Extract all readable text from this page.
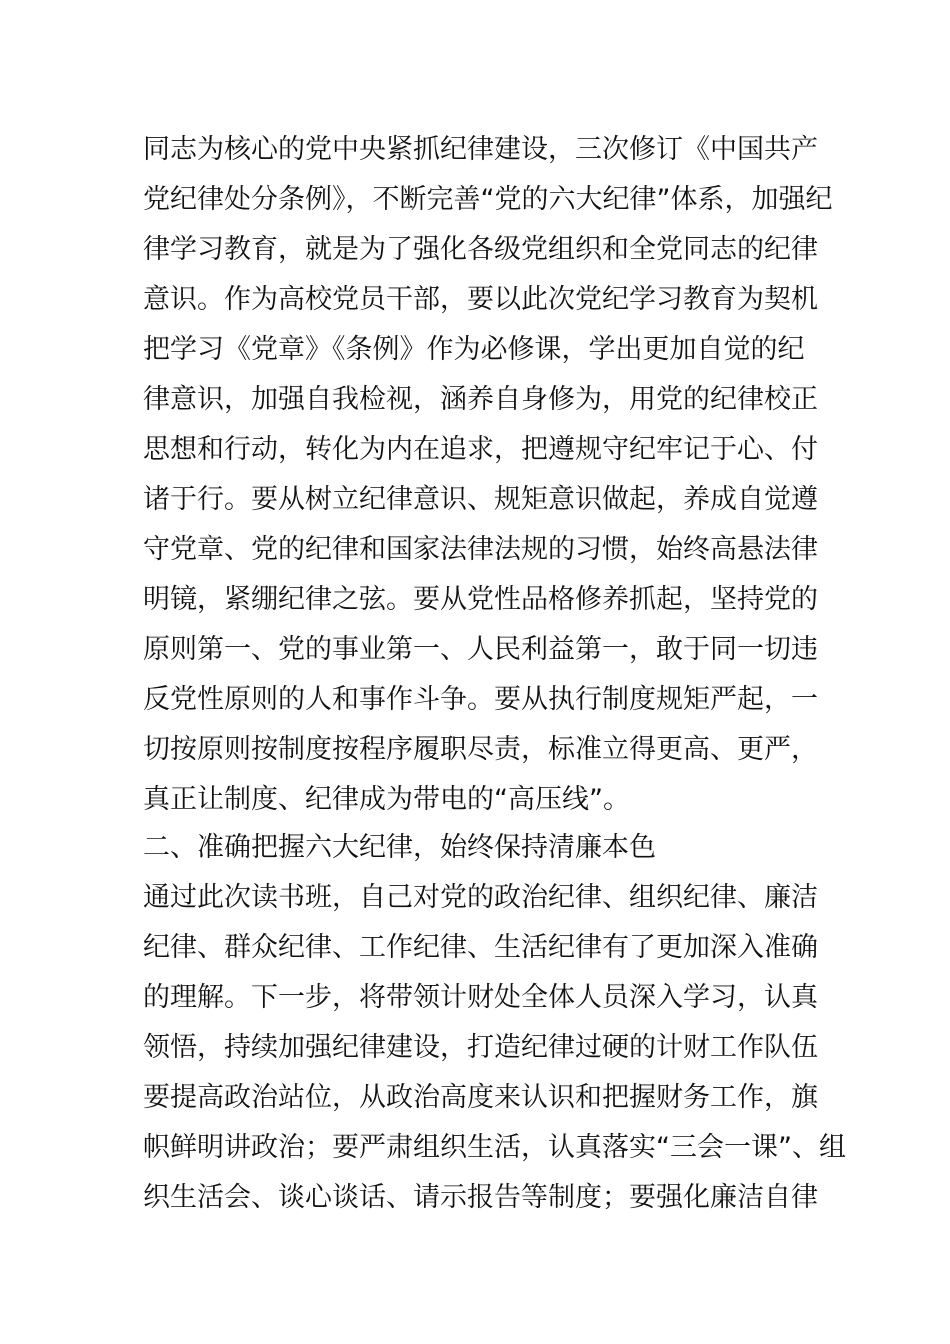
同志为核心的党中央紧抓纪律建设，三次修订《中国共产
党纪律处分条例》，不断完善“党的六大纪律”体系，加强纪
律学习教育，就是为了强化各级党组织和全党同志的纪律
意识。作为高校党员干部，要以此次党纪学习教育为契机
把学习《党章》《条例》作为必修课，学出更加自觉的纪
律意识，加强自我检视，涵养自身修为，用党的纪律校正
思想和行动，转化为内在追求，把遵规守纪牢记于心、付
诸于行。要从树立纪律意识、规矩意识做起，养成自觉遵
守党章、党的纪律和国家法律法规的习惯，始终高悬法律
明镜，紧绷纪律之弦。要从党性品格修养抓起，坚持党的
原则第一、党的事业第一、人民利益第一，敢于同一切违
反党性原则的人和事作斗争。要从执行制度规矩严起，一
切按原则按制度按程序履职尽责，标准立得更高、更严，
真正让制度、纪律成为带电的“高压线”。
二、准确把握六大纪律，始终保持清廉本色
通过此次读书班，自己对党的政治纪律、组织纪律、廉洁
纪律、群众纪律、工作纪律、生活纪律有了更加深入准确
的理解。下一步，将带领计财处全体人员深入学习，认真
领悟，持续加强纪律建设，打造纪律过硬的计财工作队伍
要提高政治站位，从政治高度来认识和把握财务工作，旗
帜鲜明讲政治；要严肃组织生活，认真落实“三会一课”、组
织生活会、谈心谈话、请示报告等制度；要强化廉洁自律
